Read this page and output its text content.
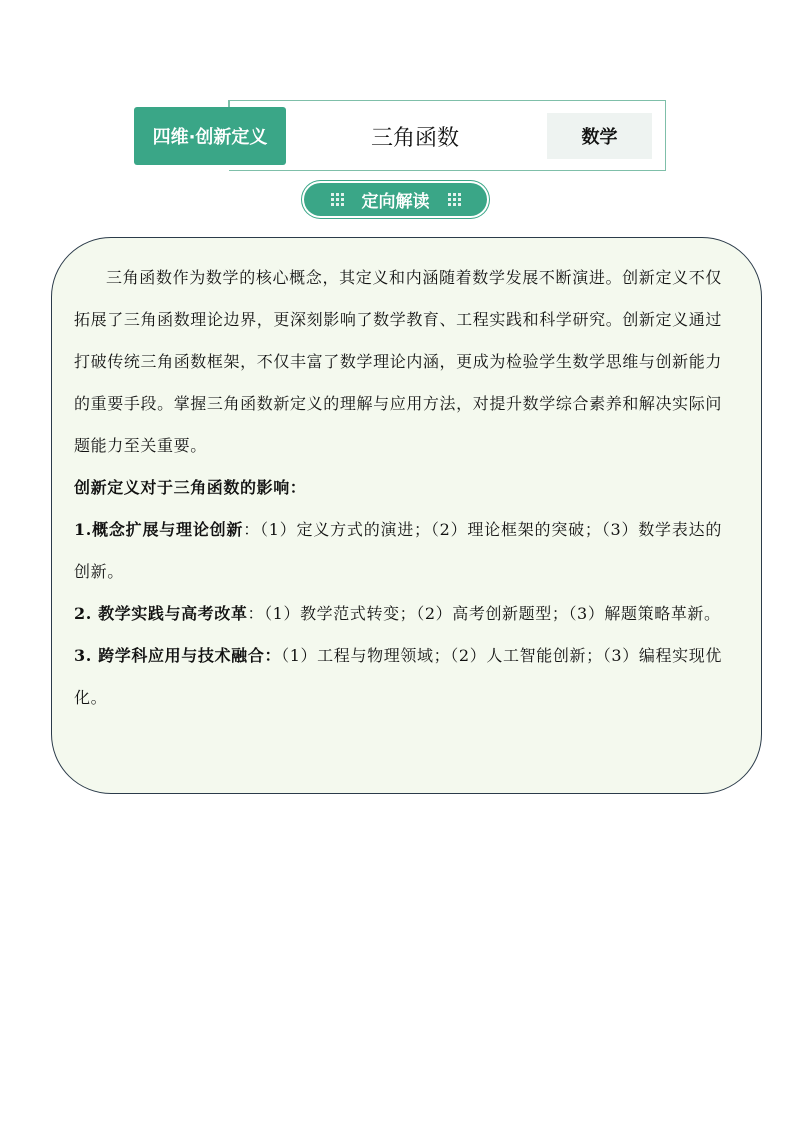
四维·创新定义	三角函数	数学
定向解读

三角函数作为数学的核心概念，其定义和内涵随着数学发展不断演进。创新定义不仅拓展了三角函数理论边界，更深刻影响了数学教育、工程实践和科学研究。创新定义通过打破传统三角函数框架，不仅丰富了数学理论内涵，更成为检验学生数学思维与创新能力的重要手段。掌握三角函数新定义的理解与应用方法，对提升数学综合素养和解决实际问题能力至关重要。

创新定义对于三角函数的影响：

1.概念扩展与理论创新：（1）定义方式的演进；（2）理论框架的突破；（3）数学表达的创新。

2. 教学实践与高考改革：（1）教学范式转变；（2）高考创新题型；（3）解题策略革新。

3. 跨学科应用与技术融合：（1）工程与物理领域；（2）人工智能创新；（3）编程实现优化。
